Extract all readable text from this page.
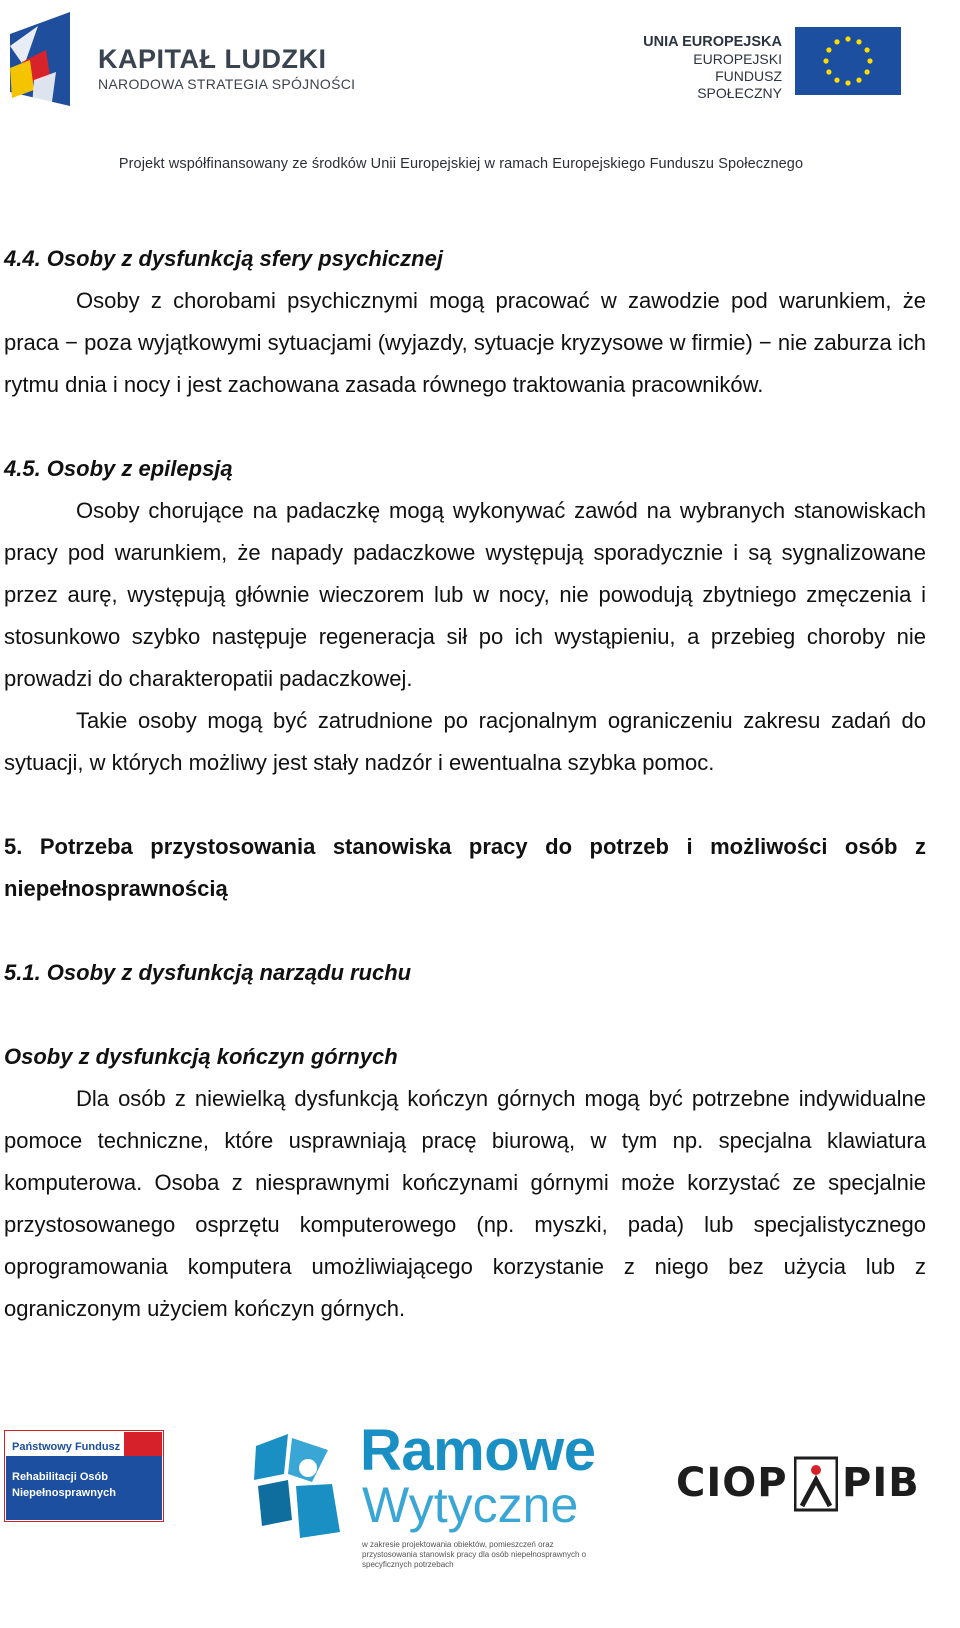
KAPITAŁ LUDZKI
NARODOWA STRATEGIA SPÓJNOŚCI
UNIA EUROPEJSKA
EUROPEJSKI
FUNDUSZ SPOŁECZNY
Projekt współfinansowany ze środków Unii Europejskiej w ramach Europejskiego Funduszu Społecznego
4.4. Osoby z dysfunkcją sfery psychicznej

Osoby z chorobami psychicznymi mogą pracować w zawodzie pod warunkiem, że praca − poza wyjątkowymi sytuacjami (wyjazdy, sytuacje kryzysowe w firmie) − nie zaburza ich rytmu dnia i nocy i jest zachowana zasada równego traktowania pracowników.

4.5. Osoby z epilepsją

Osoby chorujące na padaczkę mogą wykonywać zawód na wybranych stanowiskach pracy pod warunkiem, że napady padaczkowe występują sporadycznie i są sygnalizowane przez aurę, występują głównie wieczorem lub w nocy, nie powodują zbytniego zmęczenia i stosunkowo szybko następuje regeneracja sił po ich wystąpieniu, a przebieg choroby nie prowadzi do charakteropatii padaczkowej.

Takie osoby mogą być zatrudnione po racjonalnym ograniczeniu zakresu zadań do sytuacji, w których możliwy jest stały nadzór i ewentualna szybka pomoc.

5. Potrzeba przystosowania stanowiska pracy do potrzeb i możliwości osób z niepełnosprawnością
5.1. Osoby z dysfunkcją narządu ruchu
Osoby z dysfunkcją kończyn górnych

Dla osób z niewielką dysfunkcją kończyn górnych mogą być potrzebne indywidualne pomoce techniczne, które usprawniają pracę biurową, w tym np. specjalna klawiatura komputerowa. Osoba z niesprawnymi kończynami górnymi może korzystać ze specjalnie przystosowanego osprzętu komputerowego (np. myszki, pada) lub specjalistycznego oprogramowania komputera umożliwiającego korzystanie z niego bez użycia lub z ograniczonym użyciem kończyn górnych.

Państwowy Fundusz
Rehabilitacji Osób
Niepełnosprawnych
Ramowe
Wytyczne
w zakresie projektowania obiektów, pomieszczeń oraz przystosowania stanowisk pracy dla osób niepełnosprawnych o specyficznych potrzebach
CIOP PIB
